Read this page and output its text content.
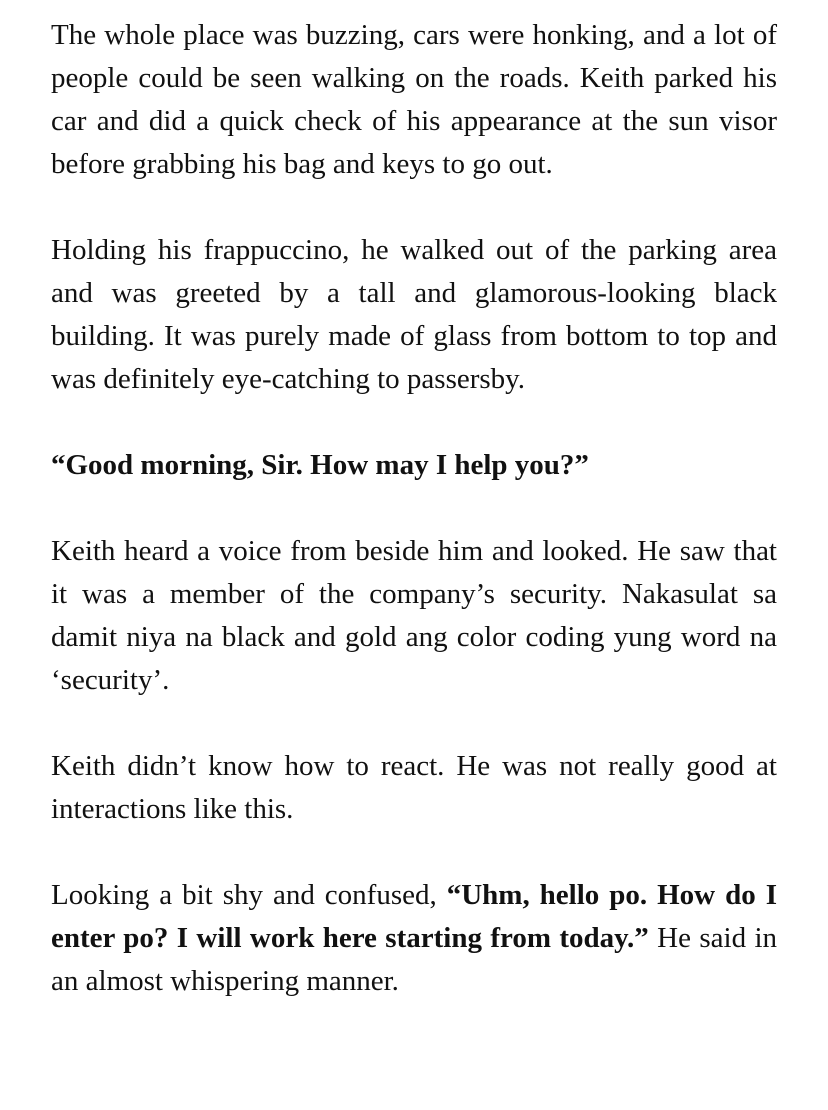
The whole place was buzzing, cars were honking, and a lot of people could be seen walking on the roads. Keith parked his car and did a quick check of his appearance at the sun visor before grabbing his bag and keys to go out.

Holding his frappuccino, he walked out of the parking area and was greeted by a tall and glamorous-looking black building. It was purely made of glass from bottom to top and was definitely eye-catching to passersby.

“Good morning, Sir. How may I help you?”

Keith heard a voice from beside him and looked. He saw that it was a member of the company’s security. Nakasulat sa damit niya na black and gold ang color coding yung word na ‘security’.

Keith didn’t know how to react. He was not really good at interactions like this.

Looking a bit shy and confused, “Uhm, hello po. How do I enter po? I will work here starting from today.” He said in an almost whispering manner.
